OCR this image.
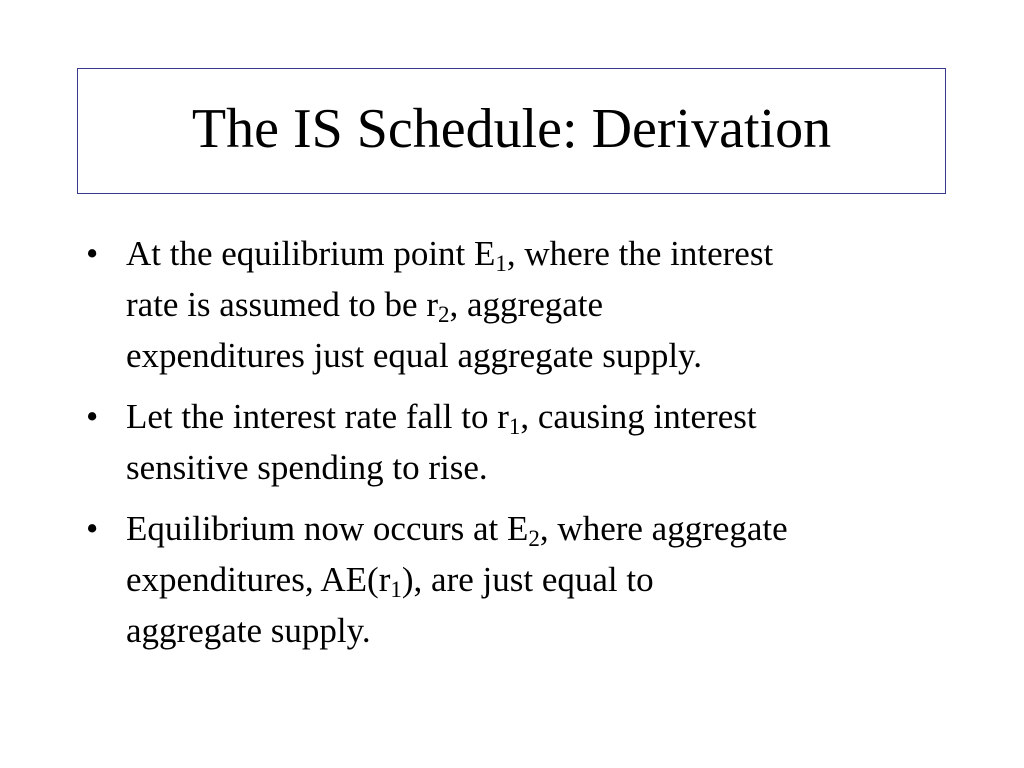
The IS Schedule: Derivation
• At the equilibrium point $E_1$, where the interest
rate is assumed to be $r_2$, aggregate
expenditures just equal aggregate supply.
• Let the interest rate fall to $r_1$, causing interest
sensitive spending to rise.
• Equilibrium now occurs at $E_2$, where aggregate
expenditures, $AE(r_1)$, are just equal to
aggregate supply.
